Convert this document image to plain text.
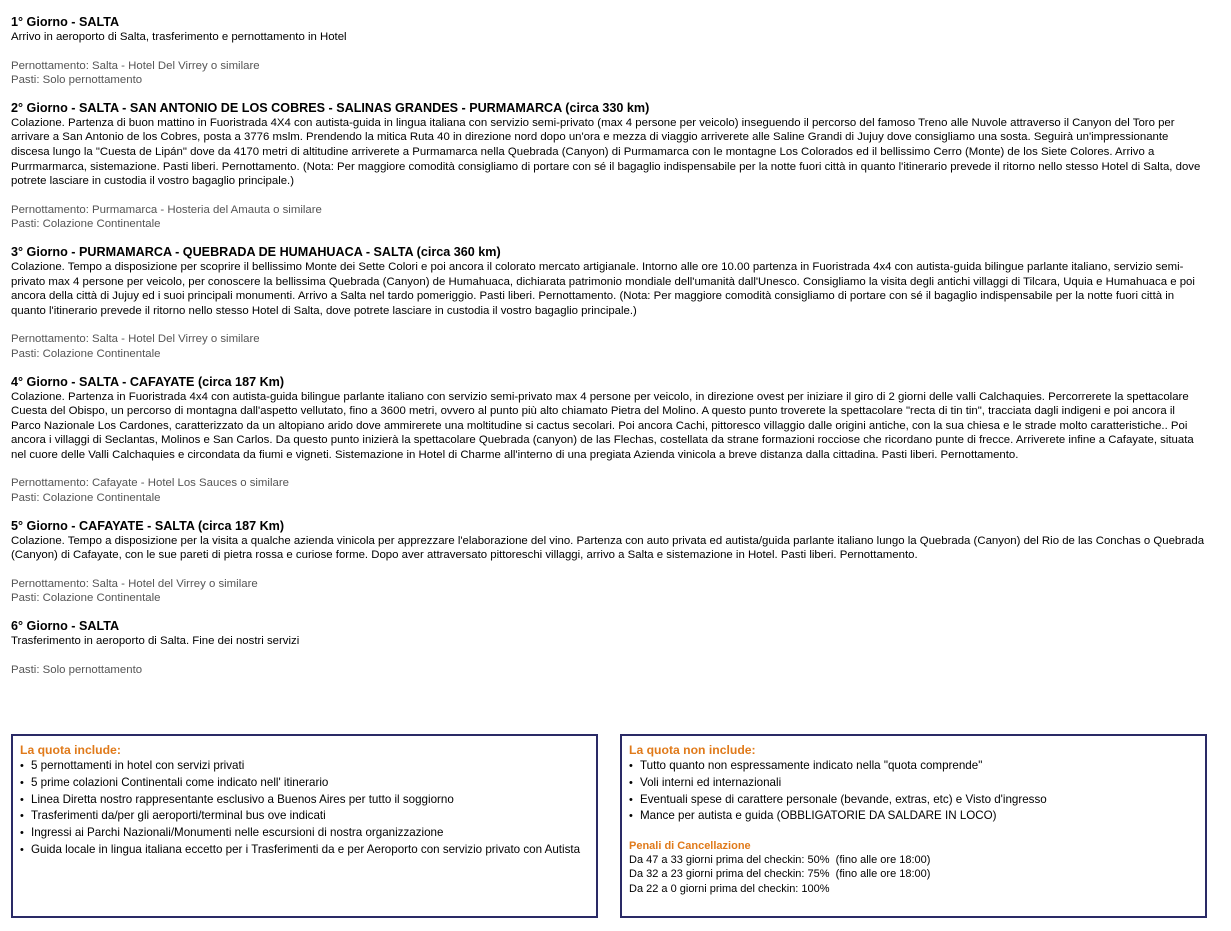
1° Giorno - SALTA
Arrivo in aeroporto di Salta, trasferimento e pernottamento in Hotel
Pernottamento: Salta - Hotel Del Virrey o similare
Pasti: Solo pernottamento
2° Giorno - SALTA - SAN ANTONIO DE LOS COBRES - SALINAS GRANDES - PURMAMARCA (circa 330 km)
Colazione. Partenza di buon mattino in Fuoristrada 4X4 con autista-guida in lingua italiana con servizio semi-privato (max 4 persone per veicolo) inseguendo il percorso del famoso Treno alle Nuvole attraverso il Canyon del Toro per arrivare a San Antonio de los Cobres, posta a 3776 mslm. Prendendo la mitica Ruta 40 in direzione nord dopo un'ora e mezza di viaggio arriverete alle Saline Grandi di Jujuy dove consigliamo una sosta. Seguirà un'impressionante discesa lungo la "Cuesta de Lipán" dove da 4170 metri di altitudine arriverete a Purmamarca nella Quebrada (Canyon) di Purmamarca con le montagne Los Colorados ed il bellissimo Cerro (Monte) de los Siete Colores. Arrivo a Purrmarmarca, sistemazione. Pasti liberi. Pernottamento. (Nota: Per maggiore comodità consigliamo di portare con sé il bagaglio indispensabile per la notte fuori città in quanto l'itinerario prevede il ritorno nello stesso Hotel di Salta, dove potrete lasciare in custodia il vostro bagaglio principale.)
Pernottamento: Purmamarca - Hosteria del Amauta o similare
Pasti: Colazione Continentale
3° Giorno - PURMAMARCA - QUEBRADA DE HUMAHUACA - SALTA (circa 360 km)
Colazione. Tempo a disposizione per scoprire il bellissimo Monte dei Sette Colori e poi ancora il colorato mercato artigianale. Intorno alle ore 10.00 partenza in Fuoristrada 4x4 con autista-guida bilingue parlante italiano, servizio semi-privato max 4 persone per veicolo, per conoscere la bellissima Quebrada (Canyon) de Humahuaca, dichiarata patrimonio mondiale dell'umanità dall'Unesco. Consigliamo la visita degli antichi villaggi di Tilcara, Uquia e Humahuaca e poi ancora della città di Jujuy ed i suoi principali monumenti. Arrivo a Salta nel tardo pomeriggio. Pasti liberi. Pernottamento. (Nota: Per maggiore comodità consigliamo di portare con sé il bagaglio indispensabile per la notte fuori città in quanto l'itinerario prevede il ritorno nello stesso Hotel di Salta, dove potrete lasciare in custodia il vostro bagaglio principale.)
Pernottamento: Salta - Hotel Del Virrey o similare
Pasti: Colazione Continentale
4° Giorno - SALTA - CAFAYATE (circa 187 Km)
Colazione. Partenza in Fuoristrada 4x4 con autista-guida bilingue parlante italiano con servizio semi-privato max 4 persone per veicolo, in direzione ovest per iniziare il giro di 2 giorni delle valli Calchaquies. Percorrerete la spettacolare Cuesta del Obispo, un percorso di montagna dall'aspetto vellutato, fino a 3600 metri, ovvero al punto più alto chiamato Pietra del Molino. A questo punto troverete la spettacolare "recta di tin tin", tracciata dagli indigeni e poi ancora il Parco Nazionale Los Cardones, caratterizzato da un altopiano arido dove ammirerete una moltitudine si cactus secolari. Poi ancora Cachi, pittoresco villaggio dalle origini antiche, con la sua chiesa e le strade molto caratteristiche.. Poi ancora i villaggi di Seclantas, Molinos e San Carlos. Da questo punto inizierà la spettacolare Quebrada (canyon) de las Flechas, costellata da strane formazioni rocciose che ricordano punte di frecce. Arriverete infine a Cafayate, situata nel cuore delle Valli Calchaquies e circondata da fiumi e vigneti. Sistemazione in Hotel di Charme all'interno di una pregiata Azienda vinicola a breve distanza dalla cittadina. Pasti liberi. Pernottamento.
Pernottamento: Cafayate - Hotel Los Sauces o similare
Pasti: Colazione Continentale
5° Giorno - CAFAYATE - SALTA (circa 187 Km)
Colazione. Tempo a disposizione per la visita a qualche azienda vinicola per apprezzare l'elaborazione del vino. Partenza con auto privata ed autista/guida parlante italiano lungo la Quebrada (Canyon) del Rio de las Conchas o Quebrada (Canyon) di Cafayate, con le sue pareti di pietra rossa e curiose forme. Dopo aver attraversato pittoreschi villaggi, arrivo a Salta e sistemazione in Hotel. Pasti liberi. Pernottamento.
Pernottamento: Salta - Hotel del Virrey o similare
Pasti: Colazione Continentale
6° Giorno - SALTA
Trasferimento in aeroporto di Salta. Fine dei nostri servizi
Pasti: Solo pernottamento
La quota include:
• 5 pernottamenti in hotel con servizi privati
• 5 prime colazioni Continentali come indicato nell' itinerario
• Linea Diretta nostro rappresentante esclusivo a Buenos Aires per tutto il soggiorno
• Trasferimenti da/per gli aeroporti/terminal bus ove indicati
• Ingressi ai Parchi Nazionali/Monumenti nelle escursioni di nostra organizzazione
• Guida locale in lingua italiana eccetto per i Trasferimenti da e per Aeroporto con servizio privato con Autista
La quota non include:
• Tutto quanto non espressamente indicato nella "quota comprende"
• Voli interni ed internazionali
• Eventuali spese di carattere personale (bevande, extras, etc) e Visto d'ingresso
• Mance per autista e guida (OBBLIGATORIE DA SALDARE IN LOCO)
Penali di Cancellazione
Da 47 a 33 giorni prima del checkin: 50%  (fino alle ore 18:00)
Da 32 a 23 giorni prima del checkin: 75%  (fino alle ore 18:00)
Da 22 a 0 giorni prima del checkin: 100%
